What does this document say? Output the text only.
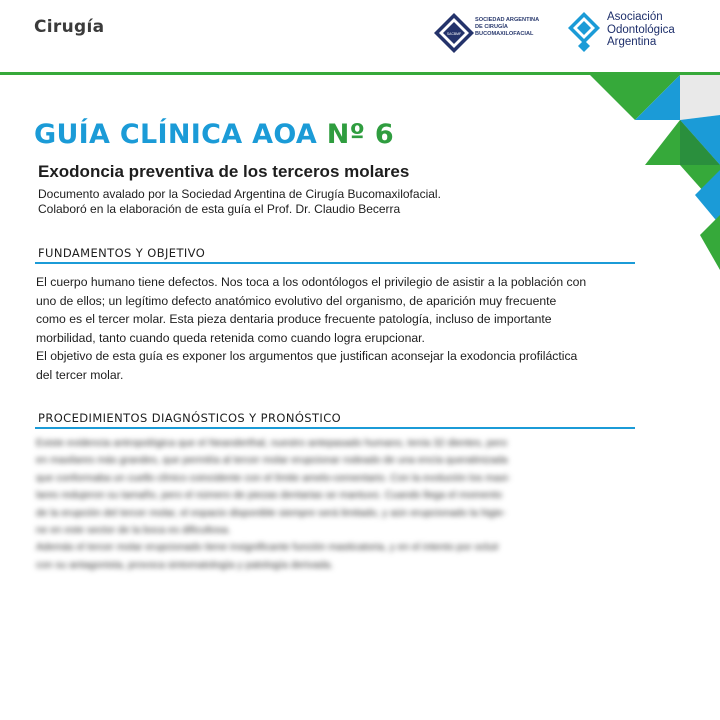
Cirugía	SACBMF
SOCIEDAD ARGENTINA
DE CIRUGÍA
BUCOMAXILOFACIAL
Asociación
Odontológica
Argentina
GUÍA CLÍNICA AOA Nº 6
Exodoncia preventiva de los terceros molares
Documento avalado por la Sociedad Argentina de Cirugía Bucomaxilofacial.
Colaboró en la elaboración de esta guía el Prof. Dr. Claudio Becerra
FUNDAMENTOS Y OBJETIVO
El cuerpo humano tiene defectos. Nos toca a los odontólogos el privilegio de asistir a la población con
uno de ellos; un legítimo defecto anatómico evolutivo del organismo, de aparición muy frecuente
como es el tercer molar. Esta pieza dentaria produce frecuente patología, incluso de importante
morbilidad, tanto cuando queda retenida como cuando logra erupcionar.
El objetivo de esta guía es exponer los argumentos que justifican aconsejar la exodoncia profiláctica
del tercer molar.
PROCEDIMIENTOS DIAGNÓSTICOS Y PRONÓSTICO
Existe evidencia antropológica que el Neanderthal, nuestro antepasado humano, tenía 32 dientes, pero
en maxilares más grandes, que permitía al tercer molar erupcionar rodeado de una encía queratinizada
que conformaba un cuello clínico coincidente con el límite amelo-cementario. Con la evolución los maxi-
lares redujeron su tamaño, pero el número de piezas dentarias se mantuvo. Cuando llega el momento
de la erupción del tercer molar, el espacio disponible siempre será limitado, y aún erupcionado la higie-
ne en este sector de la boca es dificultosa.
Además el tercer molar erupcionado tiene insignificante función masticatoria, y en el intento por ocluir
con su antagonista, provoca sintomatología y patología derivada.
